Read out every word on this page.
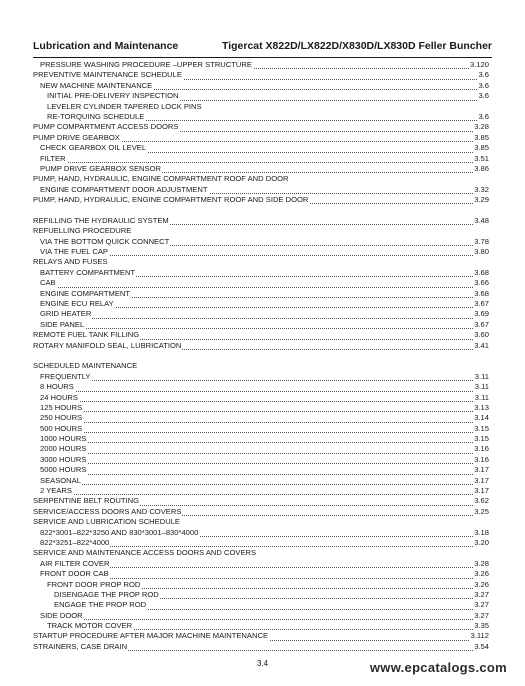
Lubrication and Maintenance	Tigercat X822D/LX822D/X830D/LX830D Feller Buncher
PRESSURE WASHING PROCEDURE –UPPER STRUCTURE	3.120
PREVENTIVE MAINTENANCE SCHEDULE	3.6
NEW MACHINE MAINTENANCE	3.6
INITIAL PRE-DELIVERY INSPECTION	3.6
LEVELER CYLINDER TAPERED LOCK PINS
RE-TORQUING SCHEDULE	3.6
PUMP COMPARTMENT ACCESS DOORS	3.28
PUMP DRIVE GEARBOX	3.85
CHECK GEARBOX OIL LEVEL	3.85
FILTER	3.51
PUMP DRIVE GEARBOX SENSOR	3.86
PUMP, HAND, HYDRAULIC, ENGINE COMPARTMENT ROOF AND DOOR
ENGINE COMPARTMENT DOOR ADJUSTMENT	3.32
PUMP, HAND, HYDRAULIC, ENGINE COMPARTMENT ROOF AND SIDE DOOR	3.29
REFILLING THE HYDRAULIC SYSTEM	3.48
REFUELLING PROCEDURE
VIA THE BOTTOM QUICK CONNECT	3.78
VIA THE FUEL CAP	3.80
RELAYS AND FUSES
BATTERY COMPARTMENT	3.68
CAB	3.66
ENGINE COMPARTMENT	3.68
ENGINE ECU RELAY	3.67
GRID HEATER	3.69
SIDE PANEL	3.67
REMOTE FUEL TANK FILLING	3.60
ROTARY MANIFOLD SEAL, LUBRICATION	3.41
SCHEDULED MAINTENANCE
FREQUENTLY	3.11
8 HOURS	3.11
24 HOURS	3.11
125 HOURS	3.13
250 HOURS	3.14
500 HOURS	3.15
1000 HOURS	3.15
2000 HOURS	3.16
3000 HOURS	3.16
5000 HOURS	3.17
SEASONAL	3.17
2 YEARS	3.17
SERPENTINE BELT ROUTING	3.62
SERVICE/ACCESS DOORS AND COVERS	3.25
SERVICE AND LUBRICATION SCHEDULE
822*3001–822*3250 AND 830*3001–830*4000	3.18
822*3251–822*4000	3.20
SERVICE AND MAINTENANCE ACCESS DOORS AND COVERS
AIR FILTER COVER	3.28
FRONT DOOR CAB	3.26
FRONT DOOR PROP ROD	3.26
DISENGAGE THE PROP ROD	3.27
ENGAGE THE PROP ROD	3.27
SIDE DOOR	3.27
TRACK MOTOR COVER	3.35
STARTUP PROCEDURE AFTER MAJOR MACHINE MAINTENANCE	3.112
STRAINERS, CASE DRAIN	3.54
3.4	www.epcatalogs.com
